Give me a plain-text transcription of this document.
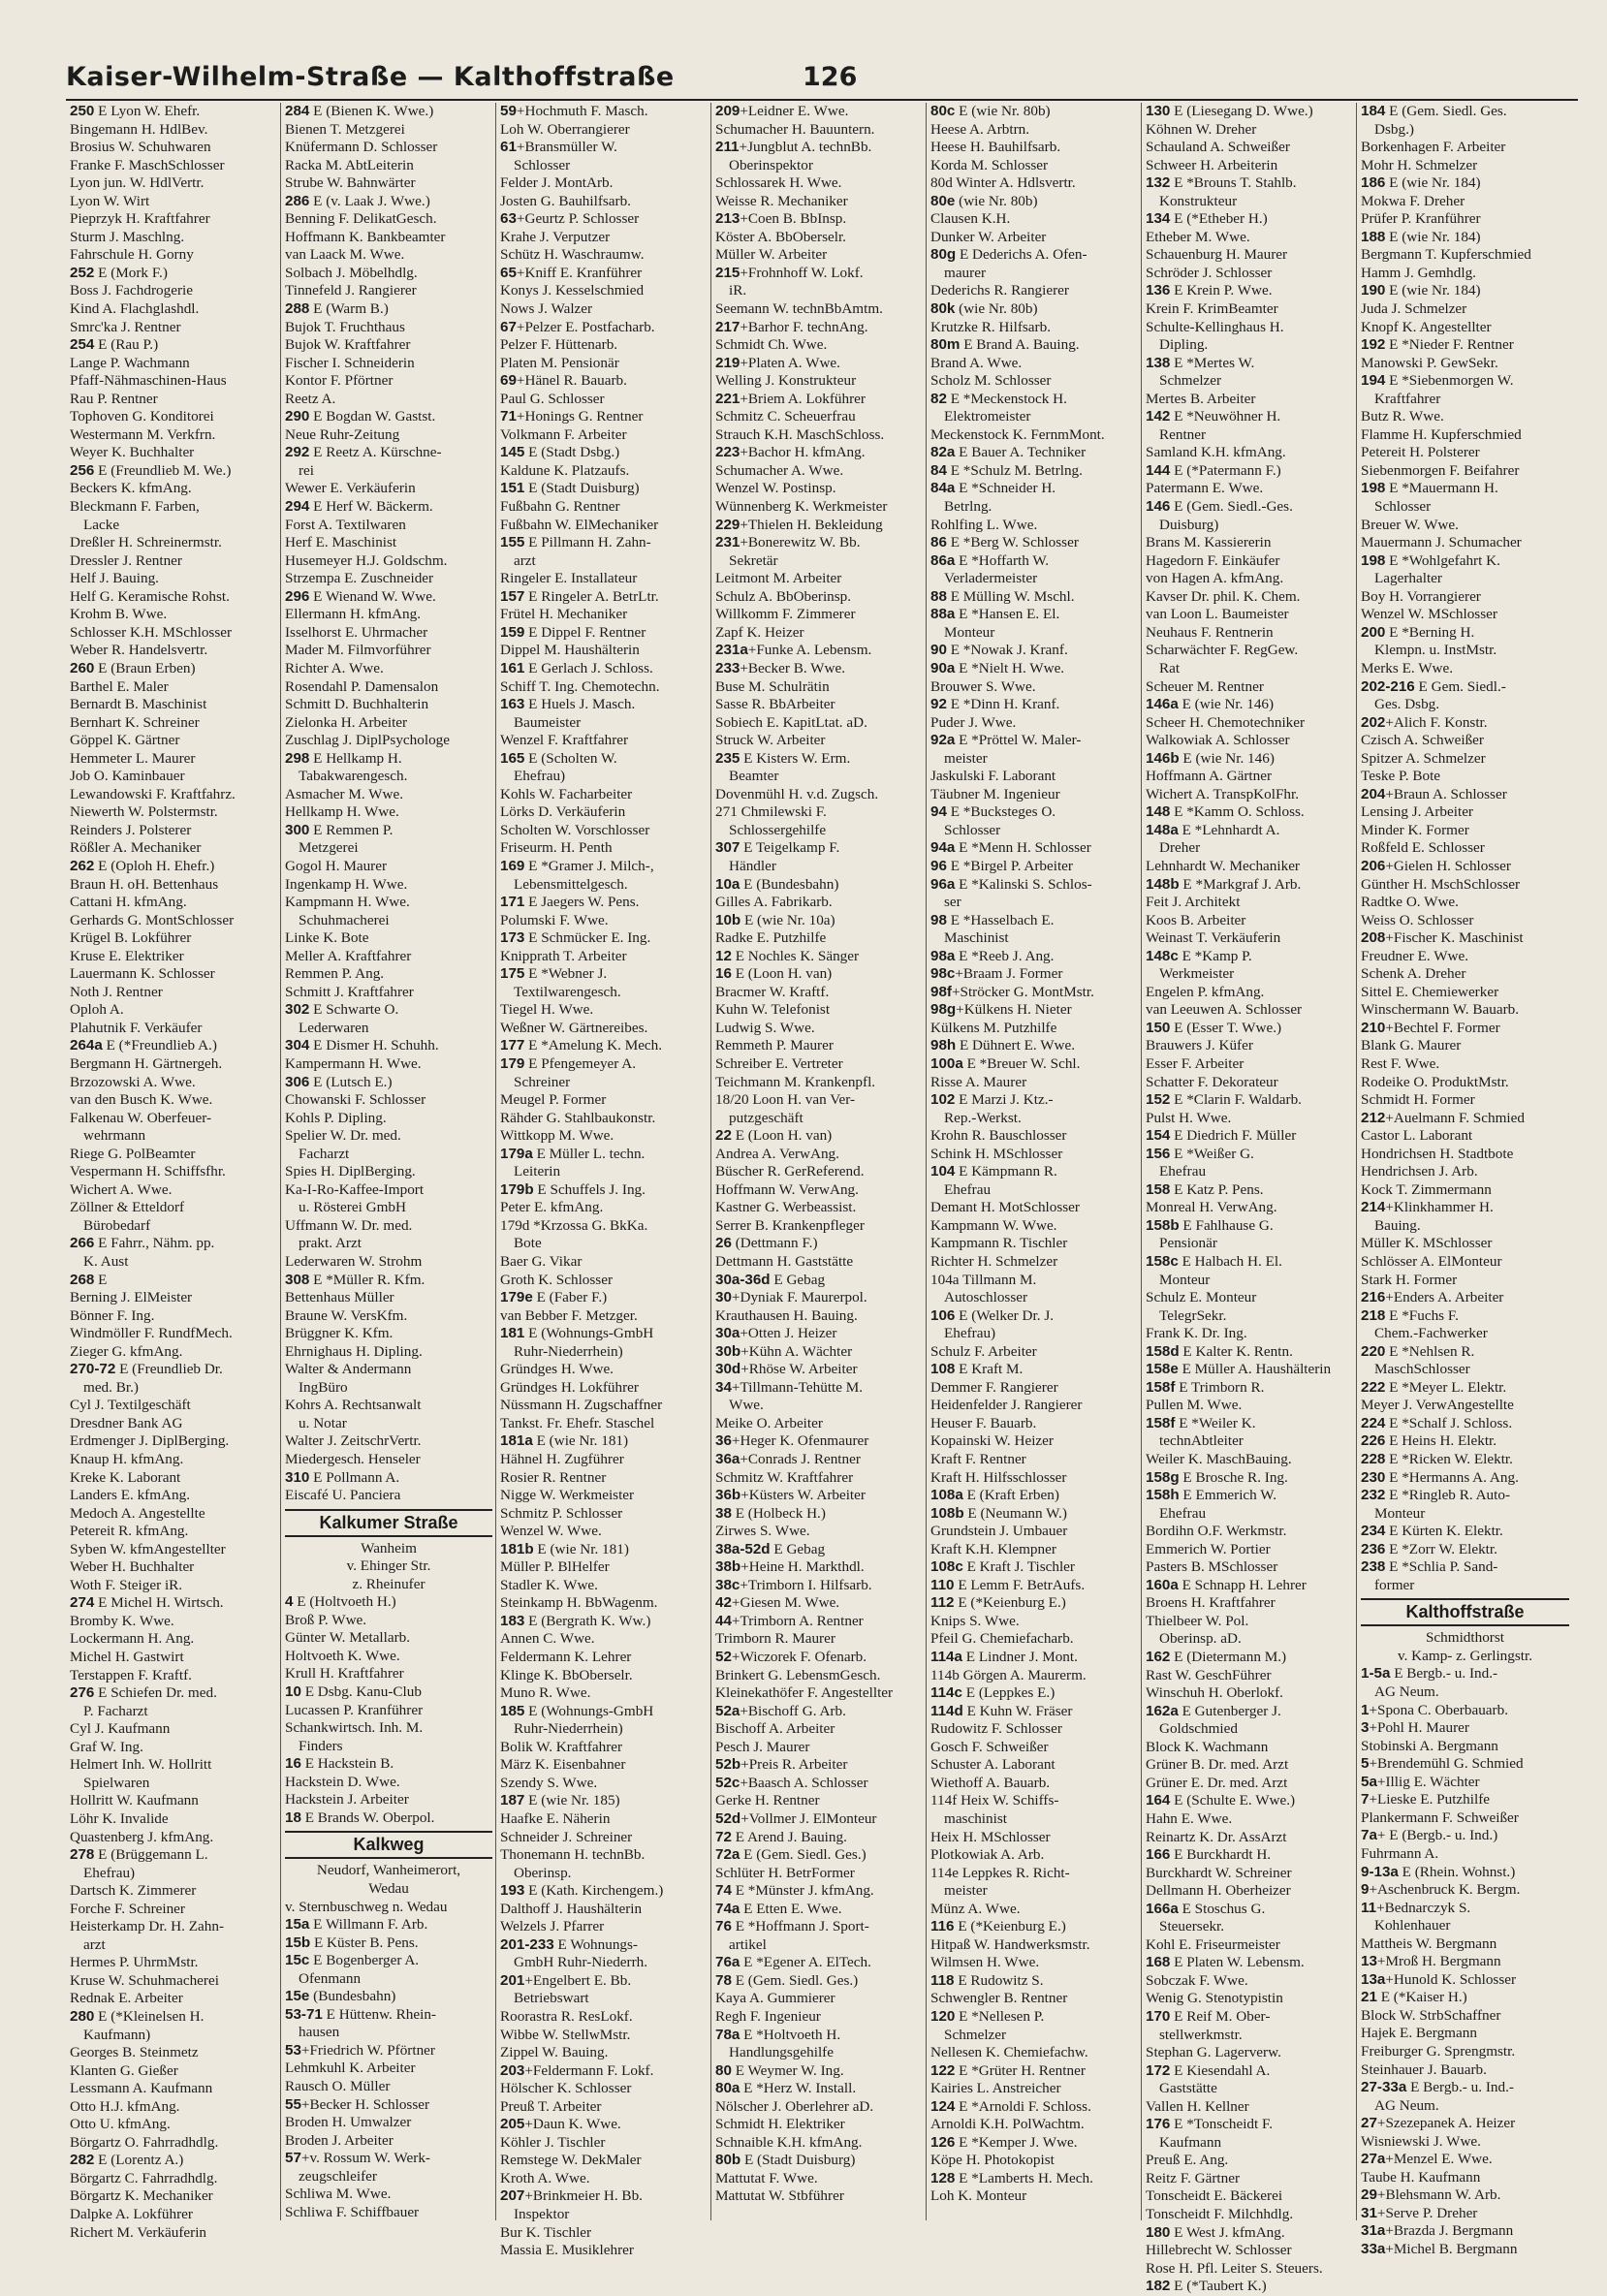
Kaiser-Wilhelm-Straße — Kalthoffstraße	126
250 E Lyon W. Ehefr.
Bingemann H. HdlBev.
Brosius W. Schuhwaren
Franke F. MaschSchlosser
Lyon jun. W. HdlVertr.
Lyon W. Wirt
Pieprzyk H. Kraftfahrer
Sturm J. Maschlng.
Fahrschule H. Gorny
252 E (Mork F.)
Boss J. Fachdrogerie
Kind A. Flachglashdl.
Smrc'ka J. Rentner
254 E (Rau P.)
Lange P. Wachmann
Pfaff-Nähmaschinen-Haus
Rau P. Rentner
Tophoven G. Konditorei
Westermann M. Verkfrn.
Weyer K. Buchhalter
256 E (Freundlieb M. We.)
Beckers K. kfmAng.
Bleckmann F. Farben,
Lacke
Dreßler H. Schreinermstr.
Dressler J. Rentner
Helf J. Bauing.
Helf G. Keramische Rohst.
Krohm B. Wwe.
Schlosser K.H. MSchlosser
Weber R. Handelsvertr.
260 E (Braun Erben)
Barthel E. Maler
Bernardt B. Maschinist
Bernhart K. Schreiner
Göppel K. Gärtner
Hemmeter L. Maurer
Job O. Kaminbauer
Lewandowski F. Kraftfahrz.
Niewerth W. Polstermstr.
Reinders J. Polsterer
Rößler A. Mechaniker
262 E (Oploh H. Ehefr.)
Braun H. oH. Bettenhaus
Cattani H. kfmAng.
Gerhards G. MontSchlosser
Krügel B. Lokführer
Kruse E. Elektriker
Lauermann K. Schlosser
Noth J. Rentner
Oploh A.
Plahutnik F. Verkäufer
264a E (*Freundlieb A.)
Bergmann H. Gärtnergeh.
Brzozowski A. Wwe.
van den Busch K. Wwe.
Falkenau W. Oberfeuer-
wehrmann
Riege G. PolBeamter
Vespermann H. Schiffsfhr.
Wichert A. Wwe.
Zöllner & Etteldorf
Bürobedarf
266 E Fahrr., Nähm. pp.
K. Aust
268 E
Berning J. ElMeister
Bönner F. Ing.
Windmöller F. RundfMech.
Zieger G. kfmAng.
270-72 E (Freundlieb Dr.
med. Br.)
Cyl J. Textilgeschäft
Dresdner Bank AG
Erdmenger J. DiplBerging.
Knaup H. kfmAng.
Kreke K. Laborant
Landers E. kfmAng.
Medoch A. Angestellte
Petereit R. kfmAng.
Syben W. kfmAngestellter
Weber H. Buchhalter
Woth F. Steiger iR.
274 E Michel H. Wirtsch.
Bromby K. Wwe.
Lockermann H. Ang.
Michel H. Gastwirt
Terstappen F. Kraftf.
276 E Schiefen Dr. med.
P. Facharzt
Cyl J. Kaufmann
Graf W. Ing.
Helmert Inh. W. Hollritt
Spielwaren
Hollritt W. Kaufmann
Löhr K. Invalide
Quastenberg J. kfmAng.
278 E (Brüggemann L.
Ehefrau)
Dartsch K. Zimmerer
Forche F. Schreiner
Heisterkamp Dr. H. Zahn-
arzt
Hermes P. UhrmMstr.
Kruse W. Schuhmacherei
Rednak E. Arbeiter
280 E (*Kleinelsen H.
Kaufmann)
Georges B. Steinmetz
Klanten G. Gießer
Lessmann A. Kaufmann
Otto H.J. kfmAng.
Otto U. kfmAng.
Börgartz O. Fahrradhdlg.
282 E (Lorentz A.)
Börgartz C. Fahrradhdlg.
Börgartz K. Mechaniker
Dalpke A. Lokführer
Richert M. Verkäuferin
284 E (Bienen K. Wwe.)
Bienen T. Metzgerei
Knüfermann D. Schlosser
Racka M. AbtLeiterin
Strube W. Bahnwärter
286 E (v. Laak J. Wwe.)
Benning F. DelikatGesch.
Hoffmann K. Bankbeamter
van Laack M. Wwe.
Solbach J. Möbelhdlg.
Tinnefeld J. Rangierer
288 E (Warm B.)
Bujok T. Fruchthaus
Bujok W. Kraftfahrer
Fischer I. Schneiderin
Kontor F. Pförtner
Reetz A.
290 E Bogdan W. Gastst.
Neue Ruhr-Zeitung
292 E Reetz A. Kürschne-
rei
Wewer E. Verkäuferin
294 E Herf W. Bäckerm.
Forst A. Textilwaren
Herf E. Maschinist
Husemeyer H.J. Goldschm.
Strzempa E. Zuschneider
296 E Wienand W. Wwe.
Ellermann H. kfmAng.
Isselhorst E. Uhrmacher
Mader M. Filmvorführer
Richter A. Wwe.
Rosendahl P. Damensalon
Schmitt D. Buchhalterin
Zielonka H. Arbeiter
Zuschlag J. DiplPsychologe
298 E Hellkamp H.
Tabakwarengesch.
Asmacher M. Wwe.
Hellkamp H. Wwe.
300 E Remmen P.
Metzgerei
Gogol H. Maurer
Ingenkamp H. Wwe.
Kampmann H. Wwe.
Schuhmacherei
Linke K. Bote
Meller A. Kraftfahrer
Remmen P. Ang.
Schmitt J. Kraftfahrer
302 E Schwarte O.
Lederwaren
304 E Dismer H. Schuhh.
Kampermann H. Wwe.
306 E (Lutsch E.)
Chowanski F. Schlosser
Kohls P. Dipling.
Spelier W. Dr. med.
Facharzt
Spies H. DiplBerging.
Ka-I-Ro-Kaffee-Import
u. Rösterei GmbH
Uffmann W. Dr. med.
prakt. Arzt
Lederwaren W. Strohm
308 E *Müller R. Kfm.
Bettenhaus Müller
Braune W. VersKfm.
Brüggner K. Kfm.
Ehrnighaus H. Dipling.
Walter & Andermann
IngBüro
Kohrs A. Rechtsanwalt
u. Notar
Walter J. ZeitschrVertr.
Miedergesch. Henseler
310 E Pollmann A.
Eiscafé U. Panciera
Kalkumer Straße
Wanheim
v. Ehinger Str.
z. Rheinufer
4 E (Holtvoeth H.)
Broß P. Wwe.
Günter W. Metallarb.
Holtvoeth K. Wwe.
Krull H. Kraftfahrer
10 E Dsbg. Kanu-Club
Lucassen P. Kranführer
Schankwirtsch. Inh. M.
Finders
16 E Hackstein B.
Hackstein D. Wwe.
Hackstein J. Arbeiter
18 E Brands W. Oberpol.
Kalkweg
Neudorf, Wanheimerort,
Wedau
v. Sternbuschweg n. Wedau
15a E Willmann F. Arb.
15b E Küster B. Pens.
15c E Bogenberger A.
Ofenmann
15e (Bundesbahn)
53-71 E Hüttenw. Rhein-
hausen
53+Friedrich W. Pförtner
Lehmkuhl K. Arbeiter
Rausch O. Müller
55+Becker H. Schlosser
Broden H. Umwalzer
Broden J. Arbeiter
57+v. Rossum W. Werk-
zeugschleifer
Schliwa M. Wwe.
Schliwa F. Schiffbauer
59+Hochmuth F. Masch.
Loh W. Oberrangierer
61+Bransmüller W.
Schlosser
Felder J. MontArb.
Josten G. Bauhilfsarb.
63+Geurtz P. Schlosser
Krahe J. Verputzer
Schütz H. Waschraumw.
65+Kniff E. Kranführer
Konys J. Kesselschmied
Nows J. Walzer
67+Pelzer E. Postfacharb.
Pelzer F. Hüttenarb.
Platen M. Pensionär
69+Hänel R. Bauarb.
Paul G. Schlosser
71+Honings G. Rentner
Volkmann F. Arbeiter
145 E (Stadt Dsbg.)
Kaldune K. Platzaufs.
151 E (Stadt Duisburg)
Fußbahn G. Rentner
Fußbahn W. ElMechaniker
155 E Pillmann H. Zahn-
arzt
Ringeler E. Installateur
157 E Ringeler A. BetrLtr.
Frütel H. Mechaniker
159 E Dippel F. Rentner
Dippel M. Haushälterin
161 E Gerlach J. Schloss.
Schiff T. Ing. Chemotechn.
163 E Huels J. Masch.
Baumeister
Wenzel F. Kraftfahrer
165 E (Scholten W.
Ehefrau)
Kohls W. Facharbeiter
Lörks D. Verkäuferin
Scholten W. Vorschlosser
Friseurm. H. Penth
169 E *Gramer J. Milch-,
Lebensmittelgesch.
171 E Jaegers W. Pens.
Polumski F. Wwe.
173 E Schmücker E. Ing.
Knipprath T. Arbeiter
175 E *Webner J.
Textilwarengesch.
Tiegel H. Wwe.
Weßner W. Gärtnereibes.
177 E *Amelung K. Mech.
179 E Pfengemeyer A.
Schreiner
Meugel P. Former
Rähder G. Stahlbaukonstr.
Wittkopp M. Wwe.
179a E Müller L. techn.
Leiterin
179b E Schuffels J. Ing.
Peter E. kfmAng.
179d *Krzossa G. BkKa.
Bote
Baer G. Vikar
Groth K. Schlosser
179e E (Faber F.)
van Bebber F. Metzger.
181 E (Wohnungs-GmbH
Ruhr-Niederrhein)
Gründges H. Wwe.
Gründges H. Lokführer
Nüssmann H. Zugschaffner
Tankst. Fr. Ehefr. Staschel
181a E (wie Nr. 181)
Hähnel H. Zugführer
Rosier R. Rentner
Nigge W. Werkmeister
Schmitz P. Schlosser
Wenzel W. Wwe.
181b E (wie Nr. 181)
Müller P. BlHelfer
Stadler K. Wwe.
Steinkamp H. BbWagenm.
183 E (Bergrath K. Ww.)
Annen C. Wwe.
Feldermann K. Lehrer
Klinge K. BbOberselr.
Muno R. Wwe.
185 E (Wohnungs-GmbH
Ruhr-Niederrhein)
Bolik W. Kraftfahrer
März K. Eisenbahner
Szendy S. Wwe.
187 E (wie Nr. 185)
Haafke E. Näherin
Schneider J. Schreiner
Thonemann H. technBb.
Oberinsp.
193 E (Kath. Kirchengem.)
Dalthoff J. Haushälterin
Welzels J. Pfarrer
201-233 E Wohnungs-
GmbH Ruhr-Niederrh.
201+Engelbert E. Bb.
Betriebswart
Roorastra R. ResLokf.
Wibbe W. StellwMstr.
Zippel W. Bauing.
203+Feldermann F. Lokf.
Hölscher K. Schlosser
Preuß T. Arbeiter
205+Daun K. Wwe.
Köhler J. Tischler
Remstege W. DekMaler
Kroth A. Wwe.
207+Brinkmeier H. Bb.
Inspektor
Bur K. Tischler
Massia E. Musiklehrer
209+Leidner E. Wwe.
Schumacher H. Bauuntern.
211+Jungblut A. technBb.
Oberinspektor
Schlossarek H. Wwe.
Weisse R. Mechaniker
213+Coen B. BbInsp.
Köster A. BbOberselr.
Müller W. Arbeiter
215+Frohnhoff W. Lokf.
iR.
Seemann W. technBbAmtm.
217+Barhor F. technAng.
Schmidt Ch. Wwe.
219+Platen A. Wwe.
Welling J. Konstrukteur
221+Briem A. Lokführer
Schmitz C. Scheuerfrau
Strauch K.H. MaschSchloss.
223+Bachor H. kfmAng.
Schumacher A. Wwe.
Wenzel W. Postinsp.
Wünnenberg K. Werkmeister
229+Thielen H. Bekleidung
231+Bonerewitz W. Bb.
Sekretär
Leitmont M. Arbeiter
Schulz A. BbOberinsp.
Willkomm F. Zimmerer
Zapf K. Heizer
231a+Funke A. Lebensm.
233+Becker B. Wwe.
Buse M. Schulrätin
Sasse R. BbArbeiter
Sobiech E. KapitLtat. aD.
Struck W. Arbeiter
235 E Kisters W. Erm.
Beamter
Dovenmühl H. v.d. Zugsch.
271 Chmilewski F.
Schlossergehilfe
307 E Teigelkamp F.
Händler
10a E (Bundesbahn)
Gilles A. Fabrikarb.
10b E (wie Nr. 10a)
Radke E. Putzhilfe
12 E Nochles K. Sänger
16 E (Loon H. van)
Bracmer W. Kraftf.
Kuhn W. Telefonist
Ludwig S. Wwe.
Remmeth P. Maurer
Schreiber E. Vertreter
Teichmann M. Krankenpfl.
18/20 Loon H. van Ver-
putzgeschäft
22 E (Loon H. van)
Andrea A. VerwAng.
Büscher R. GerReferend.
Hoffmann W. VerwAng.
Kastner G. Werbeassist.
Serrer B. Krankenpfleger
26 (Dettmann F.)
Dettmann H. Gaststätte
30a-36d E Gebag
30+Dyniak F. Maurerpol.
Krauthausen H. Bauing.
30a+Otten J. Heizer
30b+Kühn A. Wächter
30d+Rhöse W. Arbeiter
34+Tillmann-Tehütte M.
Wwe.
Meike O. Arbeiter
36+Heger K. Ofenmaurer
36a+Conrads J. Rentner
Schmitz W. Kraftfahrer
36b+Küsters W. Arbeiter
38 E (Holbeck H.)
Zirwes S. Wwe.
38a-52d E Gebag
38b+Heine H. Markthdl.
38c+Trimborn I. Hilfsarb.
42+Giesen M. Wwe.
44+Trimborn A. Rentner
Trimborn R. Maurer
52+Wiczorek F. Ofenarb.
Brinkert G. LebensmGesch.
Kleinekathöfer F. Angestellter
52a+Bischoff G. Arb.
Bischoff A. Arbeiter
Pesch J. Maurer
52b+Preis R. Arbeiter
52c+Baasch A. Schlosser
Gerke H. Rentner
52d+Vollmer J. ElMonteur
72 E Arend J. Bauing.
72a E (Gem. Siedl. Ges.)
Schlüter H. BetrFormer
74 E *Münster J. kfmAng.
74a E Etten E. Wwe.
76 E *Hoffmann J. Sport-
artikel
76a E *Egener A. ElTech.
78 E (Gem. Siedl. Ges.)
Kaya A. Gummierer
Regh F. Ingenieur
78a E *Holtvoeth H.
Handlungsgehilfe
80 E Weymer W. Ing.
80a E *Herz W. Install.
Nölscher J. Oberlehrer aD.
Schmidt H. Elektriker
Schnaible K.H. kfmAng.
80b E (Stadt Duisburg)
Mattutat F. Wwe.
Mattutat W. Stbführer
80c E (wie Nr. 80b)
Heese A. Arbtrn.
Heese H. Bauhilfsarb.
Korda M. Schlosser
80d Winter A. Hdlsvertr.
80e (wie Nr. 80b)
Clausen K.H.
Dunker W. Arbeiter
80g E Dederichs A. Ofen-
maurer
Dederichs R. Rangierer
80k (wie Nr. 80b)
Krutzke R. Hilfsarb.
80m E Brand A. Bauing.
Brand A. Wwe.
Scholz M. Schlosser
82 E *Meckenstock H.
Elektromeister
Meckenstock K. FernmMont.
82a E Bauer A. Techniker
84 E *Schulz M. Betrlng.
84a E *Schneider H.
Betrlng.
Rohlfing L. Wwe.
86 E *Berg W. Schlosser
86a E *Hoffarth W.
Verladermeister
88 E Mülling W. Mschl.
88a E *Hansen E. El.
Monteur
90 E *Nowak J. Kranf.
90a E *Nielt H. Wwe.
Brouwer S. Wwe.
92 E *Dinn H. Kranf.
Puder J. Wwe.
92a E *Pröttel W. Maler-
meister
Jaskulski F. Laborant
Täubner M. Ingenieur
94 E *Bucksteges O.
Schlosser
94a E *Menn H. Schlosser
96 E *Birgel P. Arbeiter
96a E *Kalinski S. Schlos-
ser
98 E *Hasselbach E.
Maschinist
98a E *Reeb J. Ang.
98c+Braam J. Former
98f+Ströcker G. MontMstr.
98g+Külkens H. Nieter
Külkens M. Putzhilfe
98h E Dühnert E. Wwe.
100a E *Breuer W. Schl.
Risse A. Maurer
102 E Marzi J. Ktz.-
Rep.-Werkst.
Krohn R. Bauschlosser
Schink H. MSchlosser
104 E Kämpmann R.
Ehefrau
Demant H. MotSchlosser
Kampmann W. Wwe.
Kampmann R. Tischler
Richter H. Schmelzer
104a Tillmann M.
Autoschlosser
106 E (Welker Dr. J.
Ehefrau)
Schulz F. Arbeiter
108 E Kraft M.
Demmer F. Rangierer
Heidenfelder J. Rangierer
Heuser F. Bauarb.
Kopainski W. Heizer
Kraft F. Rentner
Kraft H. Hilfsschlosser
108a E (Kraft Erben)
108b E (Neumann W.)
Grundstein J. Umbauer
Kraft K.H. Klempner
108c E Kraft J. Tischler
110 E Lemm F. BetrAufs.
112 E (*Keienburg E.)
Knips S. Wwe.
Pfeil G. Chemiefacharb.
114a E Lindner J. Mont.
114b Görgen A. Maurerm.
114c E (Leppkes E.)
114d E Kuhn W. Fräser
Rudowitz F. Schlosser
Gosch F. Schweißer
Schuster A. Laborant
Wiethoff A. Bauarb.
114f Heix W. Schiffs-
maschinist
Heix H. MSchlosser
Plotkowiak A. Arb.
114e Leppkes R. Richt-
meister
Münz A. Wwe.
116 E (*Keienburg E.)
Hitpaß W. Handwerksmstr.
Wilmsen H. Wwe.
118 E Rudowitz S.
Schwengler B. Rentner
120 E *Nellesen P.
Schmelzer
Nellesen K. Chemiefachw.
122 E *Grüter H. Rentner
Kairies L. Anstreicher
124 E *Arnoldi F. Schloss.
Arnoldi K.H. PolWachtm.
126 E *Kemper J. Wwe.
Köpe H. Photokopist
128 E *Lamberts H. Mech.
Loh K. Monteur
130 E (Liesegang D. Wwe.)
Köhnen W. Dreher
Schauland A. Schweißer
Schweer H. Arbeiterin
132 E *Brouns T. Stahlb.
Konstrukteur
134 E (*Etheber H.)
Etheber M. Wwe.
Schauenburg H. Maurer
Schröder J. Schlosser
136 E Krein P. Wwe.
Krein F. KrimBeamter
Schulte-Kellinghaus H.
Dipling.
138 E *Mertes W.
Schmelzer
Mertes B. Arbeiter
142 E *Neuwöhner H.
Rentner
Samland K.H. kfmAng.
144 E (*Patermann F.)
Patermann E. Wwe.
146 E (Gem. Siedl.-Ges.
Duisburg)
Brans M. Kassiererin
Hagedorn F. Einkäufer
von Hagen A. kfmAng.
Kavser Dr. phil. K. Chem.
van Loon L. Baumeister
Neuhaus F. Rentnerin
Scharwächter F. RegGew.
Rat
Scheuer M. Rentner
146a E (wie Nr. 146)
Scheer H. Chemotechniker
Walkowiak A. Schlosser
146b E (wie Nr. 146)
Hoffmann A. Gärtner
Wichert A. TranspKolFhr.
148 E *Kamm O. Schloss.
148a E *Lehnhardt A.
Dreher
Lehnhardt W. Mechaniker
148b E *Markgraf J. Arb.
Feit J. Architekt
Koos B. Arbeiter
Weinast T. Verkäuferin
148c E *Kamp P.
Werkmeister
Engelen P. kfmAng.
van Leeuwen A. Schlosser
150 E (Esser T. Wwe.)
Brauwers J. Küfer
Esser F. Arbeiter
Schatter F. Dekorateur
152 E *Clarin F. Waldarb.
Pulst H. Wwe.
154 E Diedrich F. Müller
156 E *Weißer G.
Ehefrau
158 E Katz P. Pens.
Monreal H. VerwAng.
158b E Fahlhause G.
Pensionär
158c E Halbach H. El.
Monteur
Schulz E. Monteur
TelegrSekr.
Frank K. Dr. Ing.
158d E Kalter K. Rentn.
158e E Müller A. Haushälterin
158f E Trimborn R.
Pullen M. Wwe.
158f E *Weiler K.
technAbtleiter
Weiler K. MaschBauing.
158g E Brosche R. Ing.
158h E Emmerich W.
Ehefrau
Bordihn O.F. Werkmstr.
Emmerich W. Portier
Pasters B. MSchlosser
160a E Schnapp H. Lehrer
Broens H. Kraftfahrer
Thielbeer W. Pol.
Oberinsp. aD.
162 E (Dietermann M.)
Rast W. GeschFührer
Winschuh H. Oberlokf.
162a E Gutenberger J.
Goldschmied
Block K. Wachmann
Grüner B. Dr. med. Arzt
Grüner E. Dr. med. Arzt
164 E (Schulte E. Wwe.)
Hahn E. Wwe.
Reinartz K. Dr. AssArzt
166 E Burckhardt H.
Burckhardt W. Schreiner
Dellmann H. Oberheizer
166a E Stoschus G.
Steuersekr.
Kohl E. Friseurmeister
168 E Platen W. Lebensm.
Sobczak F. Wwe.
Wenig G. Stenotypistin
170 E Reif M. Ober-
stellwerkmstr.
Stephan G. Lagerverw.
172 E Kiesendahl A.
Gaststätte
Vallen H. Kellner
176 E *Tonscheidt F.
Kaufmann
Preuß E. Ang.
Reitz F. Gärtner
Tonscheidt E. Bäckerei
Tonscheidt F. Milchhdlg.
180 E West J. kfmAng.
Hillebrecht W. Schlosser
Rose H. Pfl. Leiter S. Steuers.
182 E (*Taubert K.)
184 E (Gem. Siedl. Ges.
Dsbg.)
Borkenhagen F. Arbeiter
Mohr H. Schmelzer
186 E (wie Nr. 184)
Mokwa F. Dreher
Prüfer P. Kranführer
188 E (wie Nr. 184)
Bergmann T. Kupferschmied
Hamm J. Gemhdlg.
190 E (wie Nr. 184)
Juda J. Schmelzer
Knopf K. Angestellter
192 E *Nieder F. Rentner
Manowski P. GewSekr.
194 E *Siebenmorgen W.
Kraftfahrer
Butz R. Wwe.
Flamme H. Kupferschmied
Petereit H. Polsterer
Siebenmorgen F. Beifahrer
198 E *Mauermann H.
Schlosser
Breuer W. Wwe.
Mauermann J. Schumacher
198 E *Wohlgefahrt K.
Lagerhalter
Boy H. Vorrangierer
Wenzel W. MSchlosser
200 E *Berning H.
Klempn. u. InstMstr.
Merks E. Wwe.
202-216 E Gem. Siedl.-
Ges. Dsbg.
202+Alich F. Konstr.
Czisch A. Schweißer
Spitzer A. Schmelzer
Teske P. Bote
204+Braun A. Schlosser
Lensing J. Arbeiter
Minder K. Former
Roßfeld E. Schlosser
206+Gielen H. Schlosser
Günther H. MschSchlosser
Radtke O. Wwe.
Weiss O. Schlosser
208+Fischer K. Maschinist
Freudner E. Wwe.
Schenk A. Dreher
Sittel E. Chemiewerker
Winschermann W. Bauarb.
210+Bechtel F. Former
Blank G. Maurer
Rest F. Wwe.
Rodeike O. ProduktMstr.
Schmidt H. Former
212+Auelmann F. Schmied
Castor L. Laborant
Hondrichsen H. Stadtbote
Hendrichsen J. Arb.
Kock T. Zimmermann
214+Klinkhammer H.
Bauing.
Müller K. MSchlosser
Schlösser A. ElMonteur
Stark H. Former
216+Enders A. Arbeiter
218 E *Fuchs F.
Chem.-Fachwerker
220 E *Nehlsen R.
MaschSchlosser
222 E *Meyer L. Elektr.
Meyer J. VerwAngestellte
224 E *Schalf J. Schloss.
226 E Heins H. Elektr.
228 E *Ricken W. Elektr.
230 E *Hermanns A. Ang.
232 E *Ringleb R. Auto-
Monteur
234 E Kürten K. Elektr.
236 E *Zorr W. Elektr.
238 E *Schlia P. Sand-
former
Kalthoffstraße
Schmidthorst
v. Kamp- z. Gerlingstr.
1-5a E Bergb.- u. Ind.-
AG Neum.
1+Spona C. Oberbauarb.
3+Pohl H. Maurer
Stobinski A. Bergmann
5+Brendemühl G. Schmied
5a+Illig E. Wächter
7+Lieske E. Putzhilfe
Plankermann F. Schweißer
7a+ E (Bergb.- u. Ind.)
Fuhrmann A.
9-13a E (Rhein. Wohnst.)
9+Aschenbruck K. Bergm.
11+Bednarczyk S.
Kohlenhauer
Mattheis W. Bergmann
13+Mroß H. Bergmann
13a+Hunold K. Schlosser
21 E (*Kaiser H.)
Block W. StrbSchaffner
Hajek E. Bergmann
Freiburger G. Sprengmstr.
Steinhauer J. Bauarb.
27-33a E Bergb.- u. Ind.-
AG Neum.
27+Szezepanek A. Heizer
Wisniewski J. Wwe.
27a+Menzel E. Wwe.
Taube H. Kaufmann
29+Blehsmann W. Arb.
31+Serve P. Dreher
31a+Brazda J. Bergmann
33a+Michel B. Bergmann
